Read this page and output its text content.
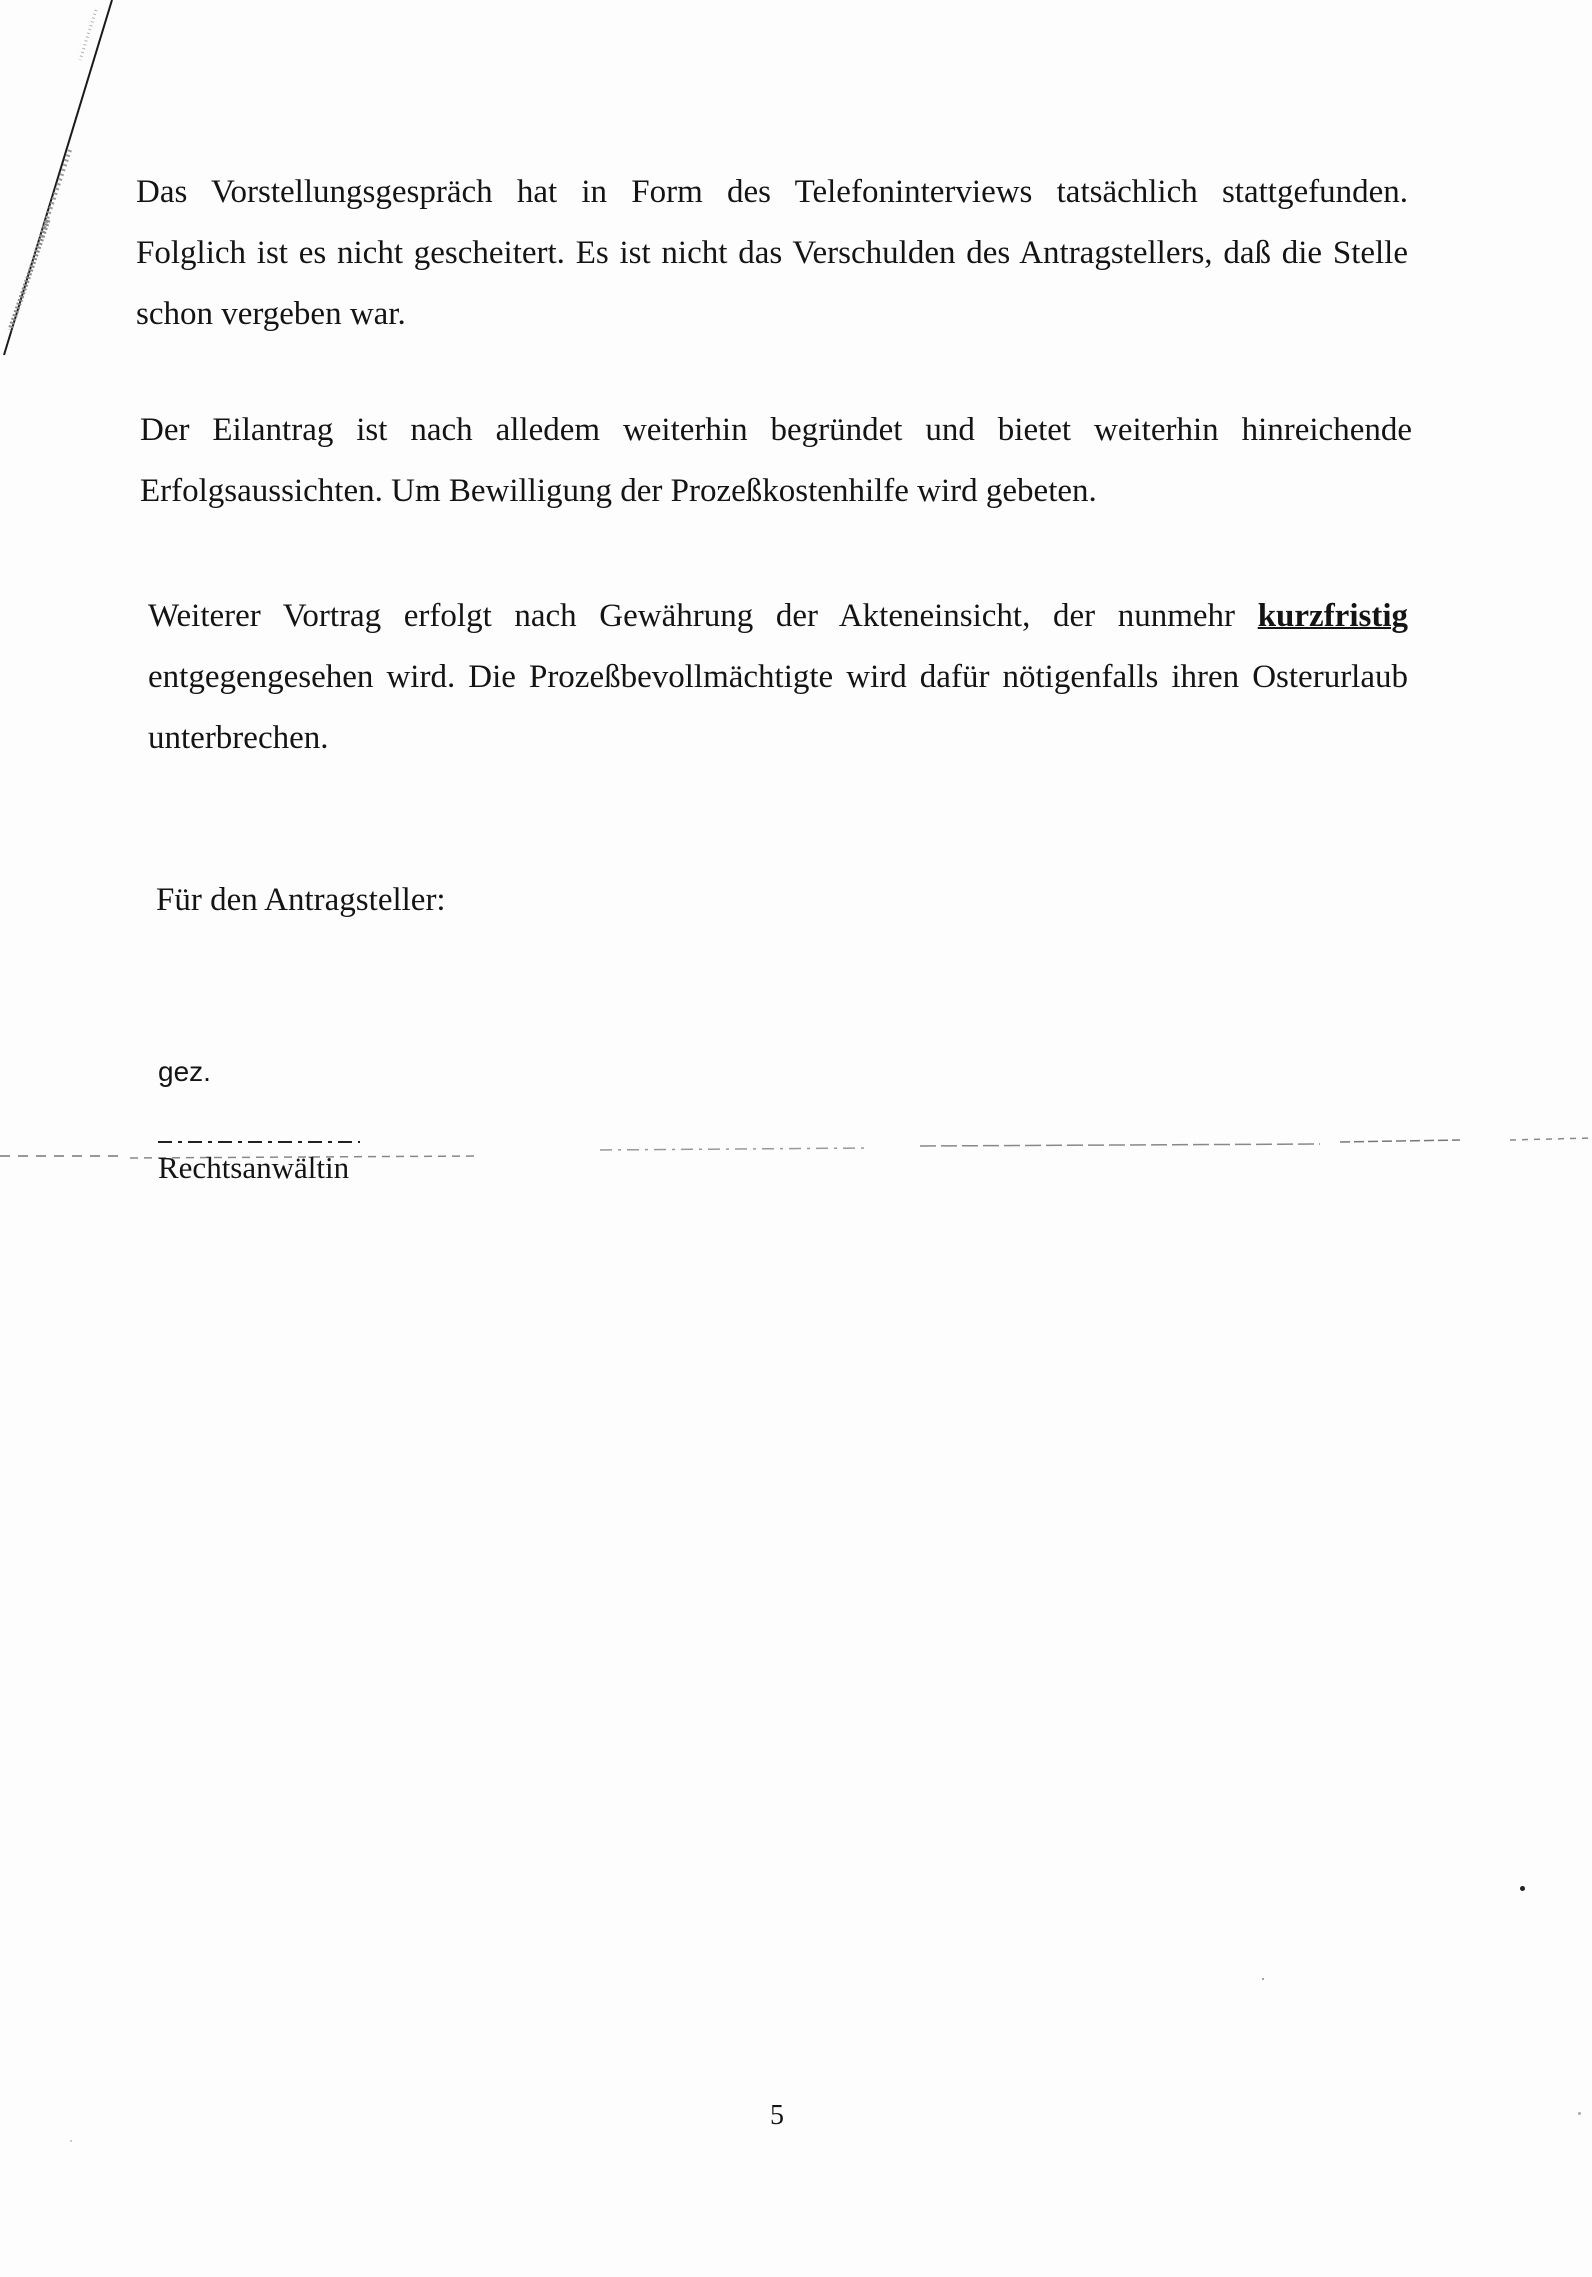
Das Vorstellungsgespräch hat in Form des Telefoninterviews tatsächlich stattgefunden.
Folglich ist es nicht gescheitert. Es ist nicht das Verschulden des Antragstellers, daß die Stelle
schon vergeben war.
Der Eilantrag ist nach alledem weiterhin begründet und bietet weiterhin hinreichende
Erfolgsaussichten. Um Bewilligung der Prozeßkostenhilfe wird gebeten.
Weiterer Vortrag erfolgt nach Gewährung der Akteneinsicht, der nunmehr kurzfristig
entgegengesehen wird. Die Prozeßbevollmächtigte wird dafür nötigenfalls ihren Osterurlaub
unterbrechen.

Für den Antragsteller:

gez.

Rechtsanwältin

5
